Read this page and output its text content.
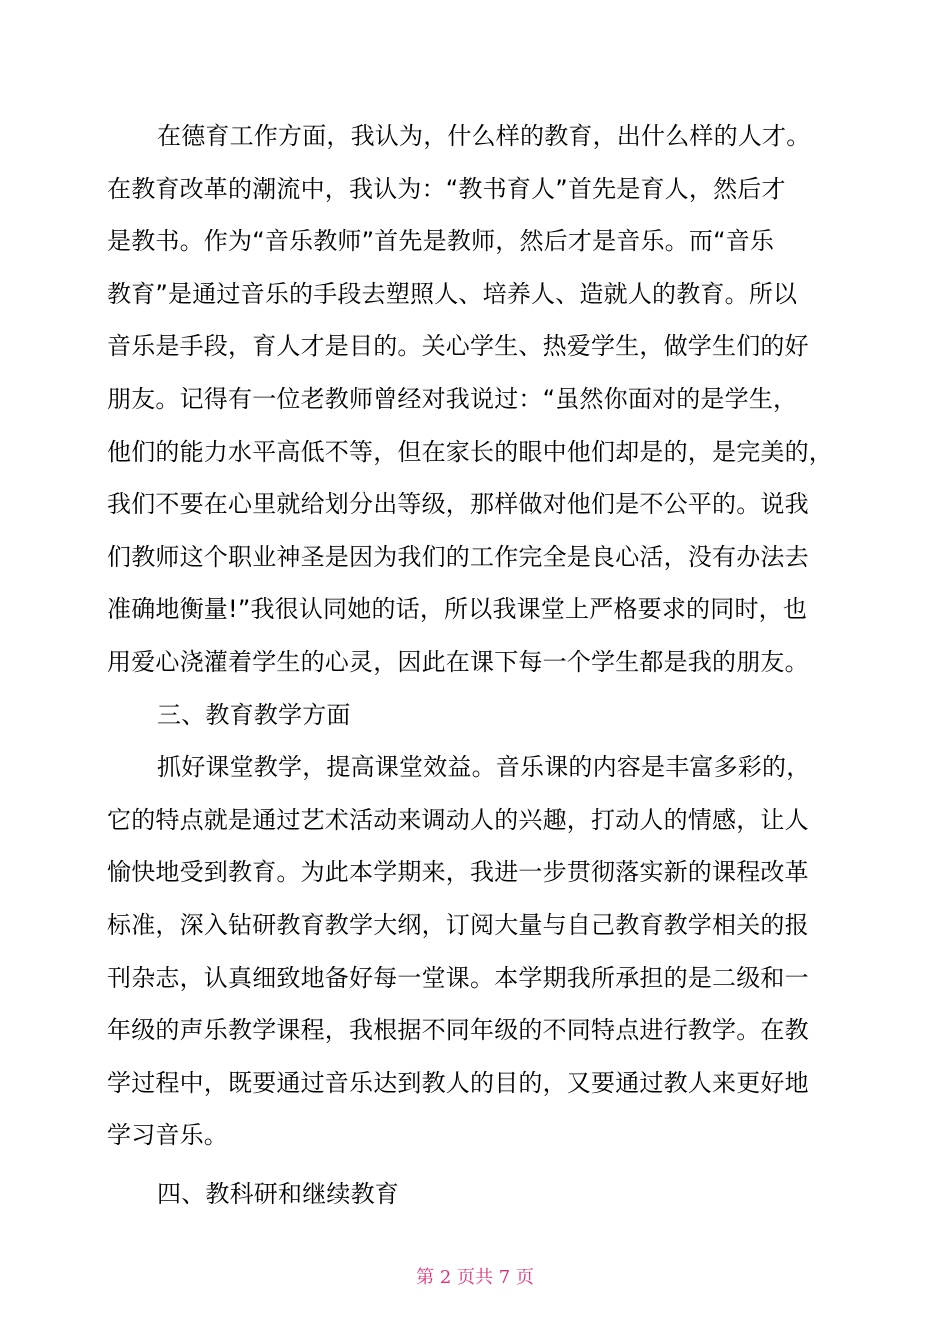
在德育工作方面，我认为，什么样的教育，出什么样的人才。
在教育改革的潮流中，我认为：“教书育人”首先是育人，然后才
是教书。作为“音乐教师”首先是教师，然后才是音乐。而“音乐
教育”是通过音乐的手段去塑照人、培养人、造就人的教育。所以
音乐是手段，育人才是目的。关心学生、热爱学生，做学生们的好
朋友。记得有一位老教师曾经对我说过：“虽然你面对的是学生，
他们的能力水平高低不等，但在家长的眼中他们却是的，是完美的，
我们不要在心里就给划分出等级，那样做对他们是不公平的。说我
们教师这个职业神圣是因为我们的工作完全是良心活，没有办法去
准确地衡量!”我很认同她的话，所以我课堂上严格要求的同时，也
用爱心浇灌着学生的心灵，因此在课下每一个学生都是我的朋友。
三、教育教学方面
抓好课堂教学，提高课堂效益。音乐课的内容是丰富多彩的，
它的特点就是通过艺术活动来调动人的兴趣，打动人的情感，让人
愉快地受到教育。为此本学期来，我进一步贯彻落实新的课程改革
标准，深入钻研教育教学大纲，订阅大量与自己教育教学相关的报
刊杂志，认真细致地备好每一堂课。本学期我所承担的是二级和一
年级的声乐教学课程，我根据不同年级的不同特点进行教学。在教
学过程中，既要通过音乐达到教人的目的，又要通过教人来更好地
学习音乐。
四、教科研和继续教育
第 2 页共 7 页
